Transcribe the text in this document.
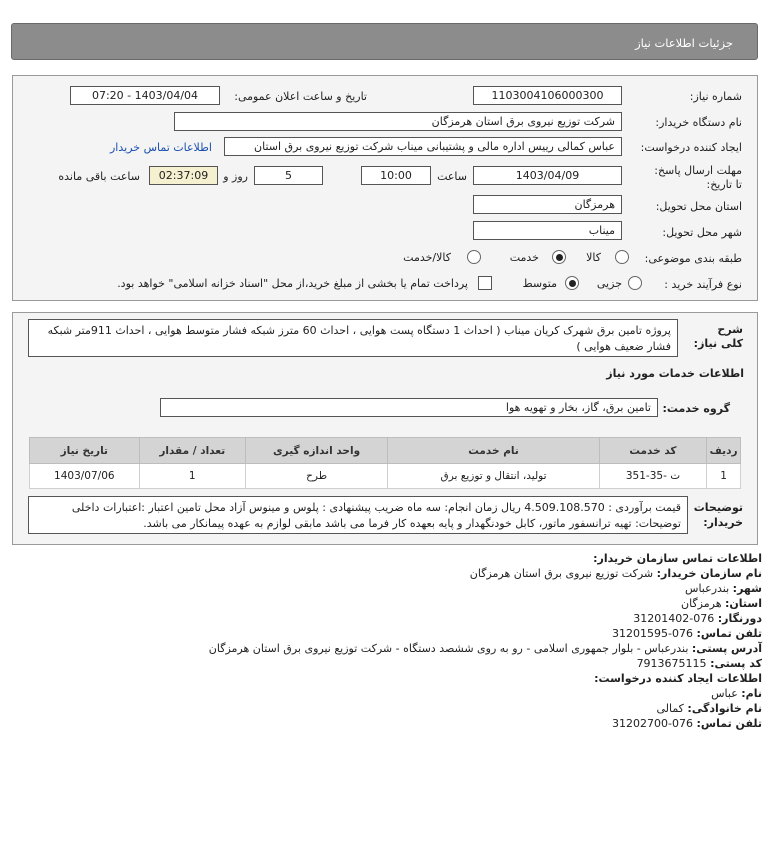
جزئیات اطلاعات نیاز
شماره نیاز:
1103004106000300
تاریخ و ساعت اعلان عمومی:
1403/04/04 - 07:20
نام دستگاه خریدار:
شرکت توزیع نیروی برق استان هرمزگان
ایجاد کننده درخواست:
عباس کمالی رییس اداره مالی و پشتیبانی میناب شرکت توزیع نیروی برق استان
اطلاعات تماس خریدار
مهلت ارسال پاسخ: تا تاریخ:
1403/04/09
ساعت
10:00
5
روز و
02:37:09
ساعت باقی مانده
استان محل تحویل:
هرمزگان
شهر محل تحویل:
میناب
طبقه بندی موضوعی:
کالا
خدمت
کالا/خدمت
نوع فرآیند خرید :
جزیی
متوسط
پرداخت تمام یا بخشی از مبلغ خرید،از محل "اسناد خزانه اسلامی" خواهد بود.
شرح کلی نیاز:
پروژه تامین برق شهرک کریان میناب ( احداث 1 دستگاه پست هوایی ، احداث 60 مترز شبکه فشار متوسط هوایی ، احداث 911متر شبکه فشار ضعیف هوایی )
اطلاعات خدمات مورد نیاز
گروه خدمت:
تامین برق، گاز، بخار و تهویه هوا
ردیف	کد خدمت	نام خدمت	واحد اندازه گیری	تعداد / مقدار	تاریخ نیاز
1	ت -35-351	تولید، انتقال و توزیع برق	طرح	1	1403/07/06
توضیحات خریدار:
قیمت برآوردی : 4.509.108.570 ریال زمان انجام: سه ماه ضریب پیشنهادی : پلوس و مینوس آزاد محل تامین اعتبار :اعتبارات داخلی توضیحات: تهیه ترانسفور ماتور، کابل خودنگهدار و پایه بعهده کار فرما می باشد مابقی لوازم به عهده پیمانکار می باشد.
اطلاعات تماس سازمان خریدار:
نام سازمان خریدار: شرکت توزیع نیروی برق استان هرمزگان
شهر: بندرعباس
استان: هرمزگان
دورنگار: 076-31201402
تلفن تماس: 076-31201595
آدرس پستی: بندرعباس - بلوار جمهوری اسلامی - رو به روی ششصد دستگاه - شرکت توزیع نیروی برق استان هرمزگان
کد پستی: 7913675115
اطلاعات ایجاد کننده درخواست:
نام: عباس
نام خانوادگی: کمالی
تلفن تماس: 076-31202700
